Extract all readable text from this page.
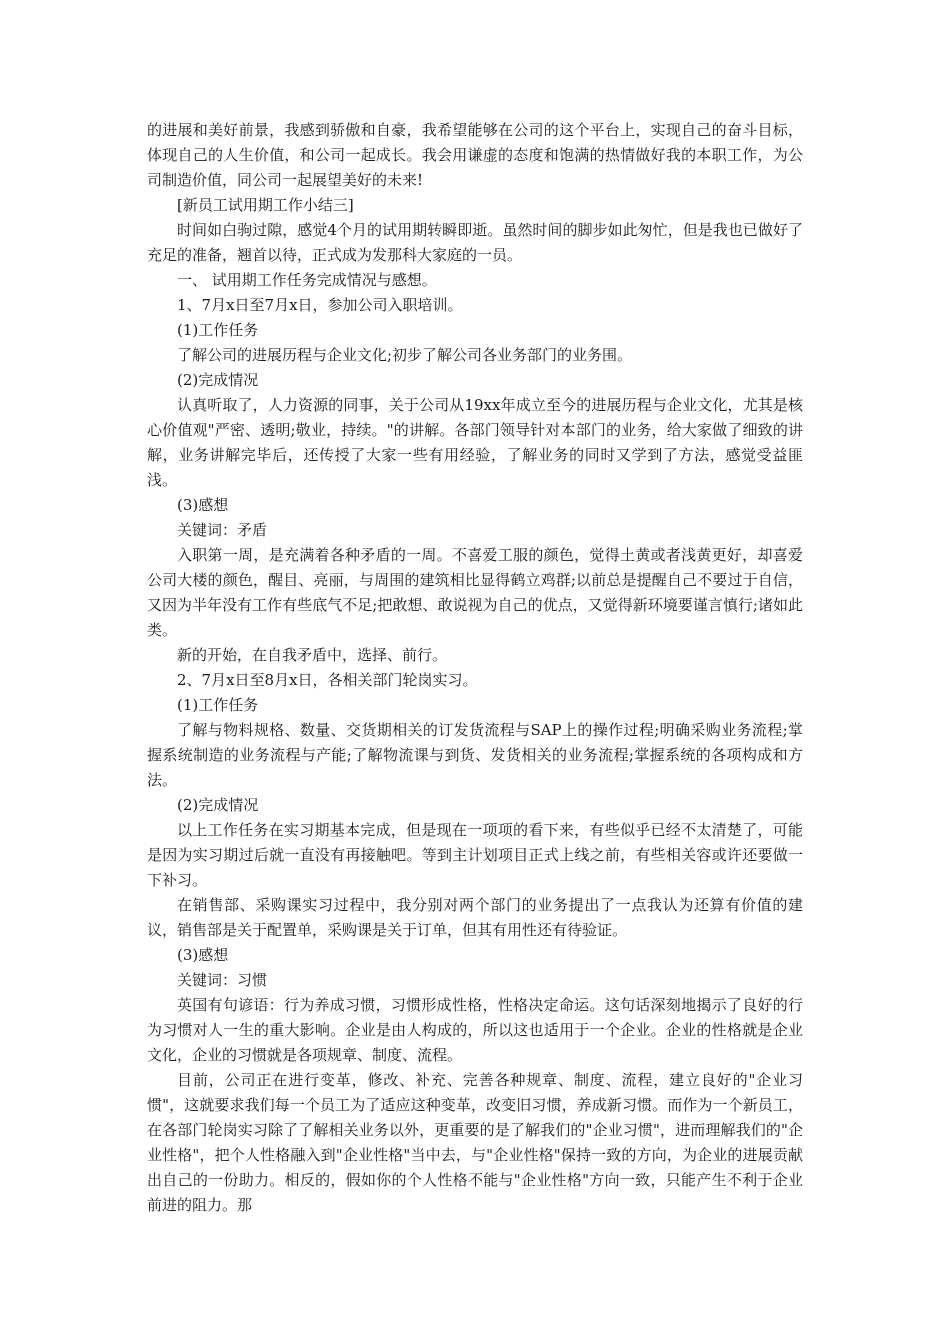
的进展和美好前景，我感到骄傲和自豪，我希望能够在公司的这个平台上，实现自己的奋斗目标，体现自己的人生价值，和公司一起成长。我会用谦虚的态度和饱满的热情做好我的本职工作，为公司制造价值，同公司一起展望美好的未来!

[新员工试用期工作小结三]

时间如白驹过隙，感觉4个月的试用期转瞬即逝。虽然时间的脚步如此匆忙，但是我也已做好了充足的准备，翘首以待，正式成为发那科大家庭的一员。

一、 试用期工作任务完成情况与感想。

1、7月x日至7月x日，参加公司入职培训。

(1)工作任务

了解公司的进展历程与企业文化;初步了解公司各业务部门的业务围。

(2)完成情况

认真听取了，人力资源的同事，关于公司从19xx年成立至今的进展历程与企业文化，尤其是核心价值观"严密、透明;敬业，持续。"的讲解。各部门领导针对本部门的业务，给大家做了细致的讲解，业务讲解完毕后，还传授了大家一些有用经验，了解业务的同时又学到了方法，感觉受益匪浅。

(3)感想

关键词：矛盾

入职第一周，是充满着各种矛盾的一周。不喜爱工服的颜色，觉得土黄或者浅黄更好，却喜爱公司大楼的颜色，醒目、亮丽，与周围的建筑相比显得鹤立鸡群;以前总是提醒自己不要过于自信，又因为半年没有工作有些底气不足;把敢想、敢说视为自己的优点，又觉得新环境要谨言慎行;诸如此类。

新的开始，在自我矛盾中，选择、前行。

2、7月x日至8月x日，各相关部门轮岗实习。

(1)工作任务

了解与物料规格、数量、交货期相关的订发货流程与SAP上的操作过程;明确采购业务流程;掌握系统制造的业务流程与产能;了解物流课与到货、发货相关的业务流程;掌握系统的各项构成和方法。

(2)完成情况

以上工作任务在实习期基本完成，但是现在一项项的看下来，有些似乎已经不太清楚了，可能是因为实习期过后就一直没有再接触吧。等到主计划项目正式上线之前，有些相关容或许还要做一下补习。

在销售部、采购课实习过程中，我分别对两个部门的业务提出了一点我认为还算有价值的建议，销售部是关于配置单，采购课是关于订单，但其有用性还有待验证。

(3)感想

关键词：习惯

英国有句谚语：行为养成习惯，习惯形成性格，性格决定命运。这句话深刻地揭示了良好的行为习惯对人一生的重大影响。企业是由人构成的，所以这也适用于一个企业。企业的性格就是企业文化，企业的习惯就是各项规章、制度、流程。

目前，公司正在进行变革，修改、补充、完善各种规章、制度、流程，建立良好的"企业习惯"，这就要求我们每一个员工为了适应这种变革，改变旧习惯，养成新习惯。而作为一个新员工，在各部门轮岗实习除了了解相关业务以外，更重要的是了解我们的"企业习惯"，进而理解我们的"企业性格"，把个人性格融入到"企业性格"当中去，与"企业性格"保持一致的方向，为企业的进展贡献出自己的一份助力。相反的，假如你的个人性格不能与"企业性格"方向一致，只能产生不利于企业前进的阻力。那
